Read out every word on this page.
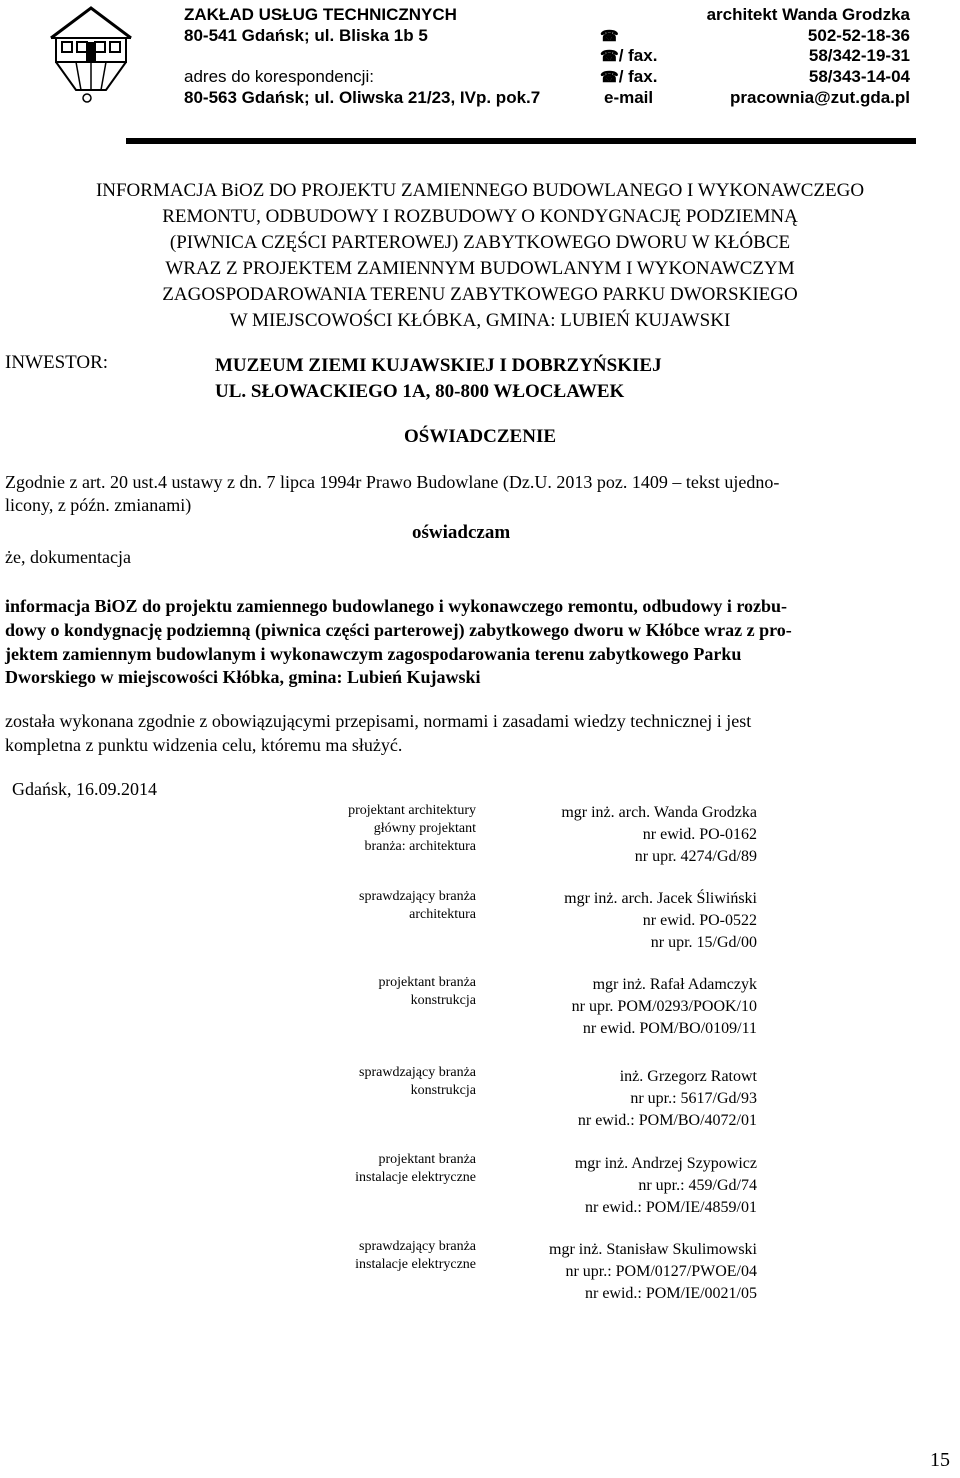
ZAKŁAD USŁUG TECHNICZNYCH
80-541 Gdańsk; ul. Bliska 1b 5
adres do korespondencji:
80-563 Gdańsk; ul. Oliwska 21/23, IVp. pok.7
architekt Wanda Grodzka
☎
☎/ fax.
☎/ fax.
e-mail
502-52-18-36
58/342-19-31
58/343-14-04
pracownia@zut.gda.pl
INFORMACJA BiOZ DO PROJEKTU ZAMIENNEGO BUDOWLANEGO I WYKONAWCZEGO
REMONTU, ODBUDOWY I ROZBUDOWY O KONDYGNACJĘ PODZIEMNĄ
(PIWNICA CZĘŚCI PARTEROWEJ) ZABYTKOWEGO DWORU W KŁÓBCE
WRAZ Z PROJEKTEM ZAMIENNYM BUDOWLANYM I WYKONAWCZYM
ZAGOSPODAROWANIA TERENU ZABYTKOWEGO PARKU DWORSKIEGO
W MIEJSCOWOŚCI KŁÓBKA, GMINA: LUBIEŃ KUJAWSKI
INWESTOR:	MUZEUM ZIEMI KUJAWSKIEJ I DOBRZYŃSKIEJ
UL. SŁOWACKIEGO 1A, 80-800 WŁOCŁAWEK
OŚWIADCZENIE
Zgodnie z art. 20 ust.4 ustawy z dn. 7 lipca 1994r Prawo Budowlane (Dz.U. 2013 poz. 1409 – tekst ujedno-
licony, z późn. zmianami)
oświadczam
że, dokumentacja
informacja BiOZ do projektu zamiennego budowlanego i wykonawczego remontu, odbudowy i rozbu-
dowy o kondygnację podziemną (piwnica części parterowej) zabytkowego dworu w Kłóbce wraz z pro-
jektem zamiennym budowlanym i wykonawczym zagospodarowania terenu zabytkowego Parku
Dworskiego w miejscowości Kłóbka, gmina: Lubień Kujawski
została wykonana zgodnie z obowiązującymi przepisami, normami i zasadami wiedzy technicznej i jest
kompletna z punktu widzenia celu, któremu ma służyć.
Gdańsk, 16.09.2014
projektant architektury
główny projektant
branża: architektura
mgr inż. arch. Wanda Grodzka
nr ewid. PO-0162
nr upr. 4274/Gd/89
sprawdzający branża
architektura
mgr inż. arch. Jacek Śliwiński
nr ewid. PO-0522
nr upr. 15/Gd/00
projektant branża
konstrukcja
mgr inż. Rafał Adamczyk
nr upr. POM/0293/POOK/10
nr ewid. POM/BO/0109/11
sprawdzający branża
konstrukcja
inż. Grzegorz Ratowt
nr upr.: 5617/Gd/93
nr ewid.: POM/BO/4072/01
projektant branża
instalacje elektryczne
mgr inż. Andrzej Szypowicz
nr upr.: 459/Gd/74
nr ewid.: POM/IE/4859/01
sprawdzający branża
instalacje elektryczne
mgr inż. Stanisław Skulimowski
nr upr.: POM/0127/PWOE/04
nr ewid.: POM/IE/0021/05
15
